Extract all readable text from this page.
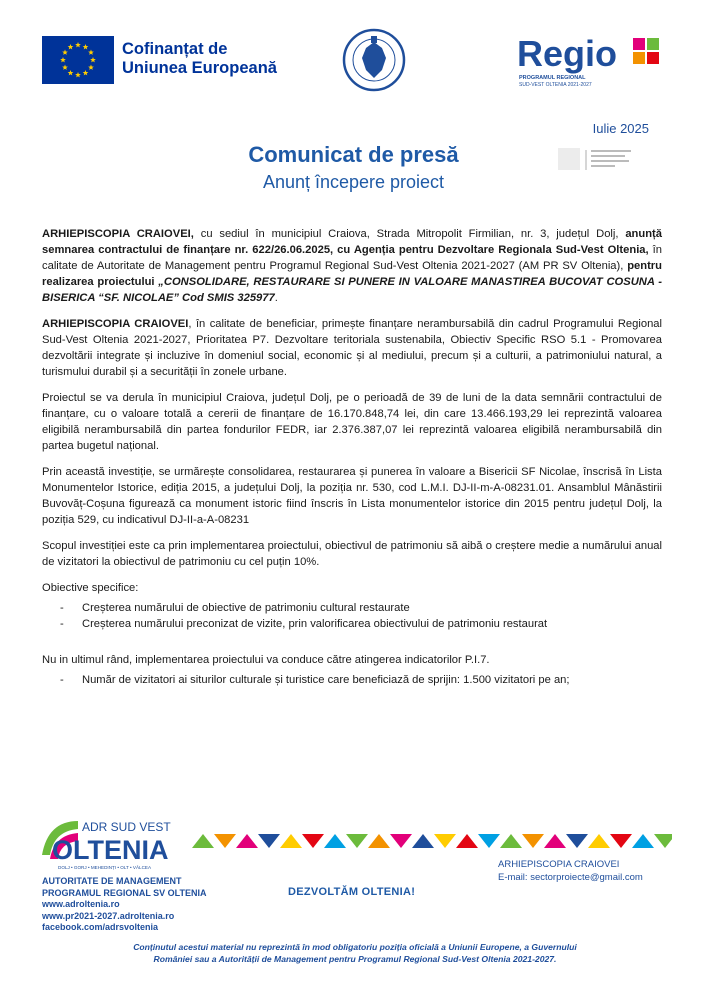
Cofinanțat de
Uniunea Europeană	Regio
PROGRAMUL REGIONAL
SUD-VEST OLTENIA 2021-2027
Iulie 2025
Comunicat de presă
Anunț începere proiect

ARHIEPISCOPIA CRAIOVEI, cu sediul în municipiul Craiova, Strada Mitropolit Firmilian, nr. 3, județul Dolj, anunță semnarea contractului de finanțare nr. 622/26.06.2025, cu Agenția pentru Dezvoltare Regionala Sud-Vest Oltenia, în calitate de Autoritate de Management pentru Programul Regional Sud-Vest Oltenia 2021-2027 (AM PR SV Oltenia), pentru realizarea proiectului „CONSOLIDARE, RESTAURARE SI PUNERE IN VALOARE MANASTIREA BUCOVAT COSUNA - BISERICA “SF. NICOLAE” Cod SMIS 325977.

ARHIEPISCOPIA CRAIOVEI, în calitate de beneficiar, primește finanțare nerambursabilă din cadrul Programului Regional Sud-Vest Oltenia 2021-2027, Prioritatea P7. Dezvoltare teritoriala sustenabila, Obiectiv Specific RSO 5.1 - Promovarea dezvoltării integrate și incluzive în domeniul social, economic și al mediului, precum și a culturii, a patrimoniului natural, a turismului durabil și a securității în zonele urbane.

Proiectul se va derula în municipiul Craiova, județul Dolj, pe o perioadă de 39 de luni de la data semnării contractului de finanțare, cu o valoare totală a cererii de finanțare de 16.170.848,74 lei, din care 13.466.193,29 lei reprezintă valoarea eligibilă nerambursabilă din partea fondurilor FEDR, iar 2.376.387,07 lei reprezintă valoarea eligibilă nerambursabilă din partea bugetul național.

Prin această investiție, se urmărește consolidarea, restaurarea și punerea în valoare a Bisericii SF Nicolae, înscrisă în Lista Monumentelor Istorice, ediția 2015, a județului Dolj, la poziția nr. 530, cod L.M.I. DJ-II-m-A-08231.01. Ansamblul Mânăstirii Buvovăț-Coșuna figurează ca monument istoric fiind înscris în Lista monumentelor istorice din 2015 pentru județul Dolj, la poziția 529, cu indicativul DJ-II-a-A-08231

Scopul investiției este ca prin implementarea proiectului, obiectivul de patrimoniu să aibă o creștere medie a numărului anual de vizitatori la obiectivul de patrimoniu cu cel puțin 10%.

Obiective specifice:

- Creșterea numărului de obiective de patrimoniu cultural restaurate
- Creșterea numărului preconizat de vizite, prin valorificarea obiectivului de patrimoniu restaurat

Nu in ultimul rând, implementarea proiectului va conduce către atingerea indicatorilor P.I.7.

- Număr de vizitatori ai siturilor culturale și turistice care beneficiază de sprijin: 1.500 vizitatori pe an;
ADR SUD VEST
OLTENIA
DOLJ • GORJ • MEHEDINȚI • OLT • VÂLCEA
AUTORITATE DE MANAGEMENT
PROGRAMUL REGIONAL SV OLTENIA
www.adroltenia.ro
www.pr2021-2027.adroltenia.ro
facebook.com/adrsvoltenia
DEZVOLTĂM OLTENIA!
ARHIEPISCOPIA CRAIOVEI
E-mail: sectorproiecte@gmail.com
Conținutul acestui material nu reprezintă în mod obligatoriu poziția oficială a Uniunii Europene, a Guvernului
României sau a Autorității de Management pentru Programul Regional Sud-Vest Oltenia 2021-2027.
